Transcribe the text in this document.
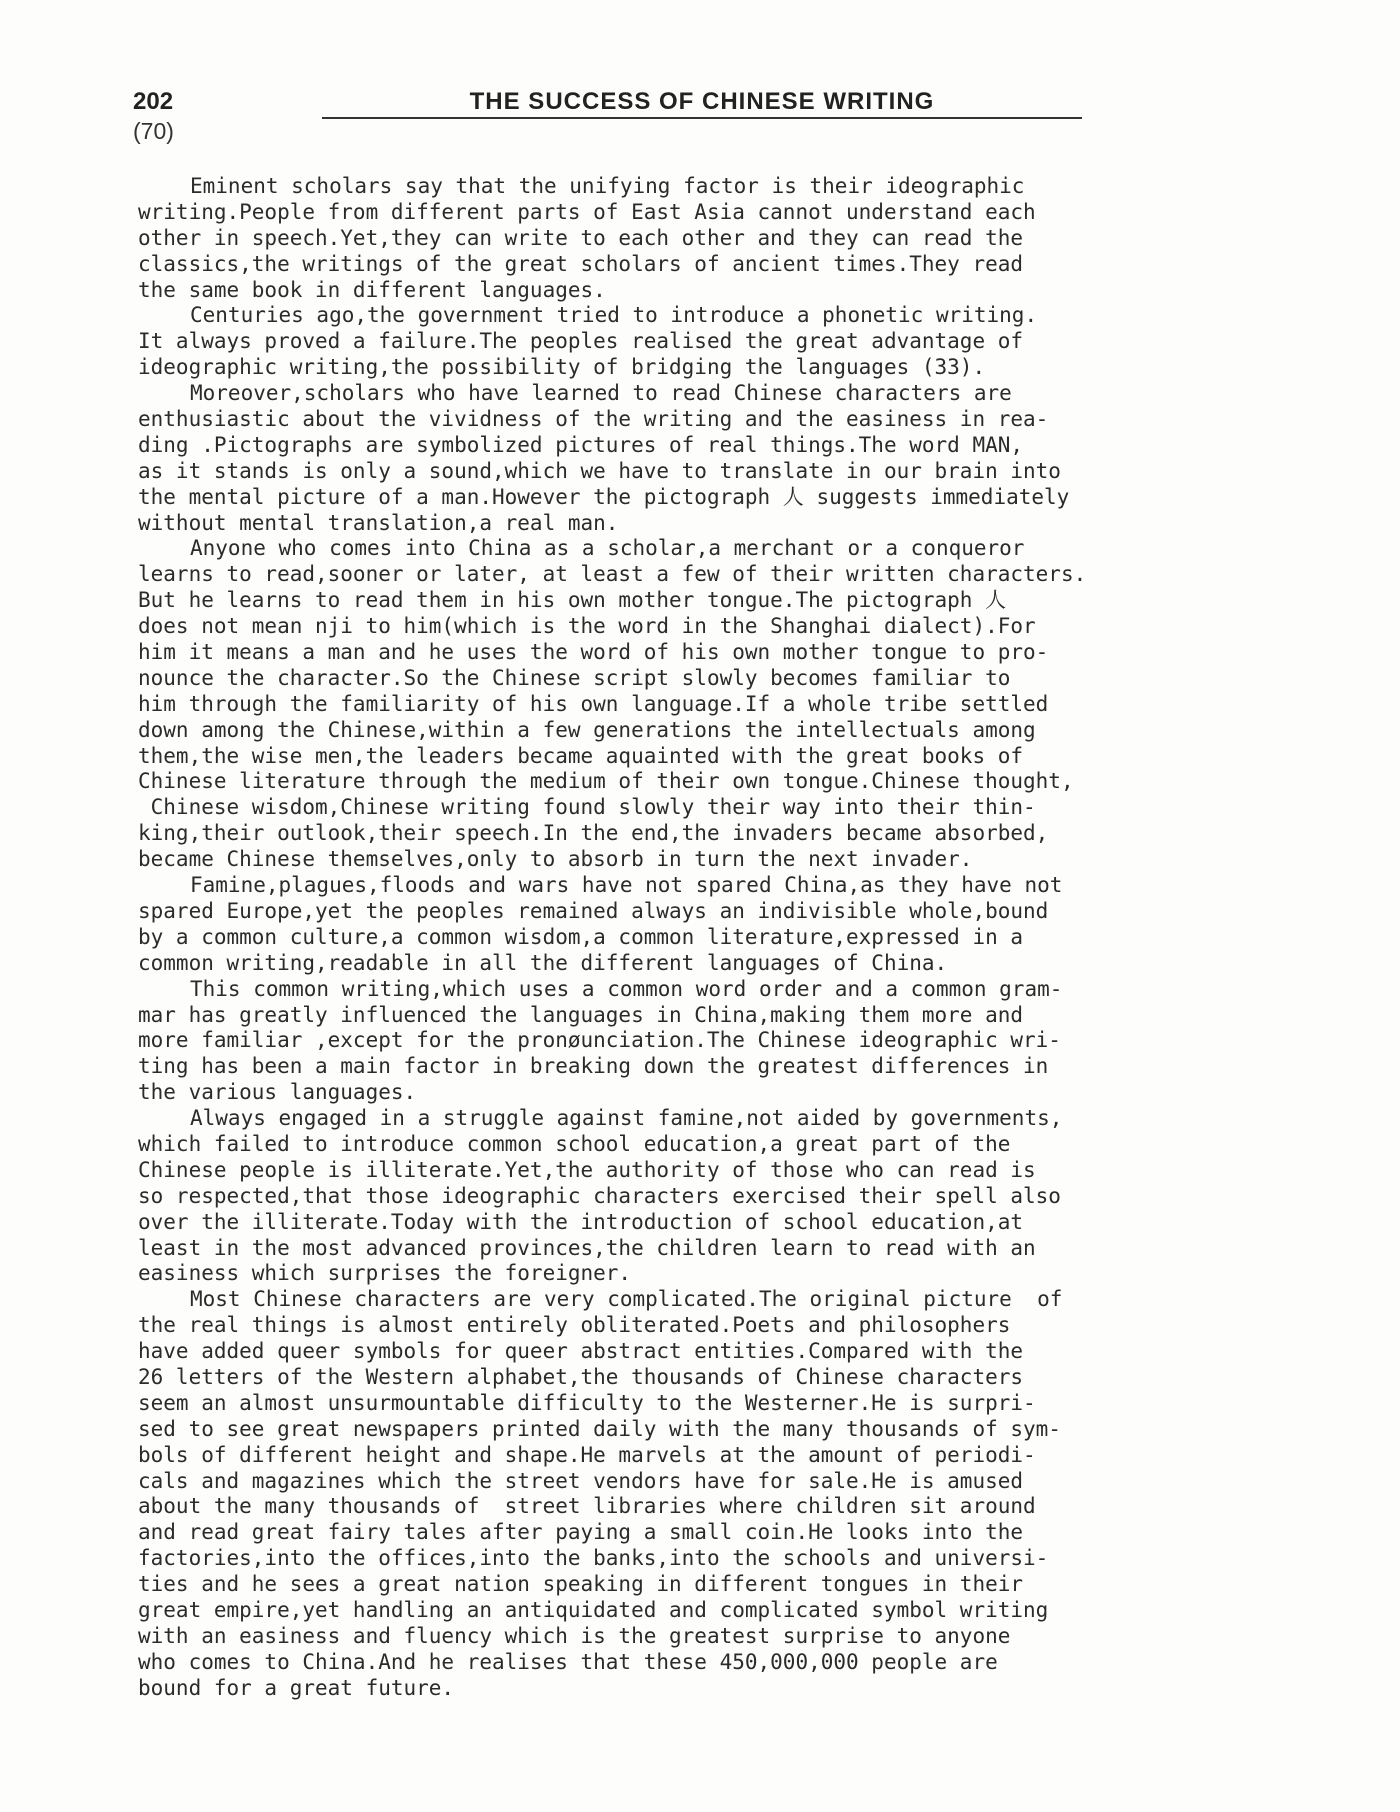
202
(70)
THE SUCCESS OF CHINESE WRITING
Eminent scholars say that the unifying factor is their ideographic
writing.People from different parts of East Asia cannot understand each
other in speech.Yet,they can write to each other and they can read the
classics,the writings of the great scholars of ancient times.They read
the same book in different languages.
Centuries ago,the government tried to introduce a phonetic writing.
It always proved a failure.The peoples realised the great advantage of
ideographic writing,the possibility of bridging the languages (33).
Moreover,scholars who have learned to read Chinese characters are
enthusiastic about the vividness of the writing and the easiness in rea-
ding .Pictographs are symbolized pictures of real things.The word MAN,
as it stands is only a sound,which we have to translate in our brain into
the mental picture of a man.However the pictograph 人 suggests immediately
without mental translation,a real man.
Anyone who comes into China as a scholar,a merchant or a conqueror
learns to read,sooner or later, at least a few of their written characters.
But he learns to read them in his own mother tongue.The pictograph 人
does not mean nji to him(which is the word in the Shanghai dialect).For
him it means a man and he uses the word of his own mother tongue to pro-
nounce the character.So the Chinese script slowly becomes familiar to
him through the familiarity of his own language.If a whole tribe settled
down among the Chinese,within a few generations the intellectuals among
them,the wise men,the leaders became aquainted with the great books of
Chinese literature through the medium of their own tongue.Chinese thought,
Chinese wisdom,Chinese writing found slowly their way into their thin-
king,their outlook,their speech.In the end,the invaders became absorbed,
became Chinese themselves,only to absorb in turn the next invader.
Famine,plagues,floods and wars have not spared China,as they have not
spared Europe,yet the peoples remained always an indivisible whole,bound
by a common culture,a common wisdom,a common literature,expressed in a
common writing,readable in all the different languages of China.
This common writing,which uses a common word order and a common gram-
mar has greatly influenced the languages in China,making them more and
more familiar ,except for the pronøunciation.The Chinese ideographic wri-
ting has been a main factor in breaking down the greatest differences in
the various languages.
Always engaged in a struggle against famine,not aided by governments,
which failed to introduce common school education,a great part of the
Chinese people is illiterate.Yet,the authority of those who can read is
so respected,that those ideographic characters exercised their spell also
over the illiterate.Today with the introduction of school education,at
least in the most advanced provinces,the children learn to read with an
easiness which surprises the foreigner.
Most Chinese characters are very complicated.The original picture  of
the real things is almost entirely obliterated.Poets and philosophers
have added queer symbols for queer abstract entities.Compared with the
26 letters of the Western alphabet,the thousands of Chinese characters
seem an almost unsurmountable difficulty to the Westerner.He is surpri-
sed to see great newspapers printed daily with the many thousands of sym-
bols of different height and shape.He marvels at the amount of periodi-
cals and magazines which the street vendors have for sale.He is amused
about the many thousands of  street libraries where children sit around
and read great fairy tales after paying a small coin.He looks into the
factories,into the offices,into the banks,into the schools and universi-
ties and he sees a great nation speaking in different tongues in their
great empire,yet handling an antiquidated and complicated symbol writing
with an easiness and fluency which is the greatest surprise to anyone
who comes to China.And he realises that these 450,000,000 people are
bound for a great future.
